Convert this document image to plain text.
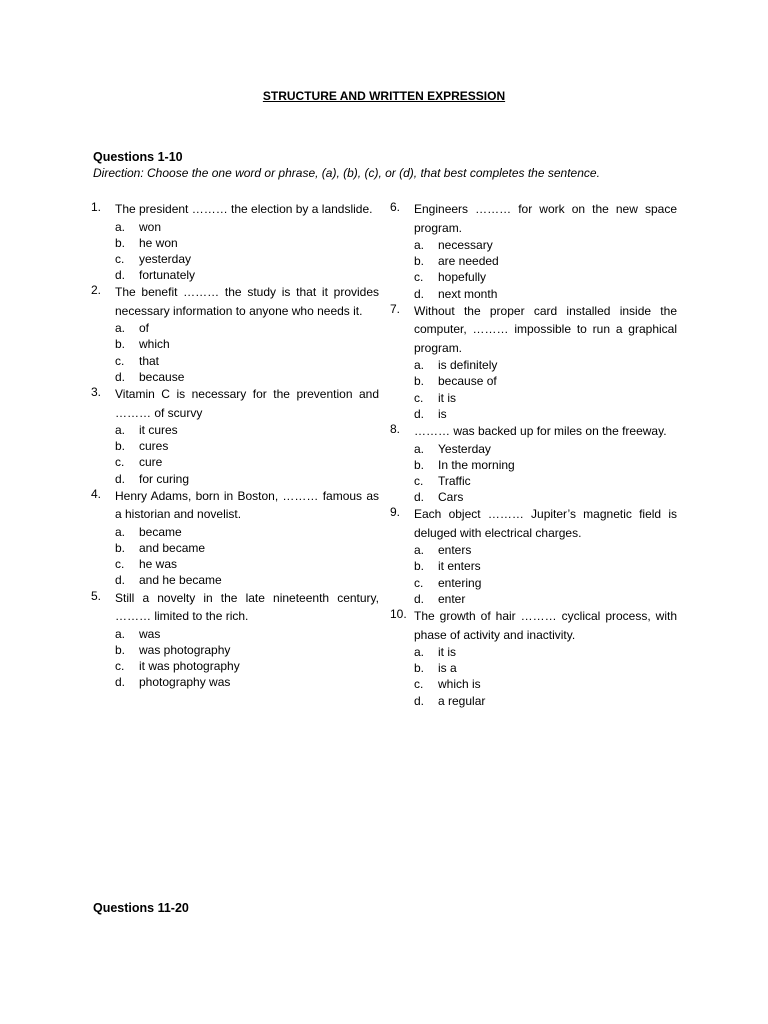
STRUCTURE AND WRITTEN EXPRESSION
Questions 1-10
Direction: Choose the one word or phrase, (a), (b), (c), or (d), that best completes the sentence.
1. The president ……… the election by a landslide.
a. won
b. he won
c. yesterday
d. fortunately
2. The benefit ……… the study is that it provides necessary information to anyone who needs it.
a. of
b. which
c. that
d. because
3. Vitamin C is necessary for the prevention and ……… of scurvy
a. it cures
b. cures
c. cure
d. for curing
4. Henry Adams, born in Boston, ……… famous as a historian and novelist.
a. became
b. and became
c. he was
d. and he became
5. Still a novelty in the late nineteenth century, ……… limited to the rich.
a. was
b. was photography
c. it was photography
d. photography was
6. Engineers ……… for work on the new space program.
a. necessary
b. are needed
c. hopefully
d. next month
7. Without the proper card installed inside the computer, ……… impossible to run a graphical program.
a. is definitely
b. because of
c. it is
d. is
8. ……… was backed up for miles on the freeway.
a. Yesterday
b. In the morning
c. Traffic
d. Cars
9. Each object ……… Jupiter’s magnetic field is deluged with electrical charges.
a. enters
b. it enters
c. entering
d. enter
10. The growth of hair ……… cyclical process, with phase of activity and inactivity.
a. it is
b. is a
c. which is
d. a regular
Questions 11-20
